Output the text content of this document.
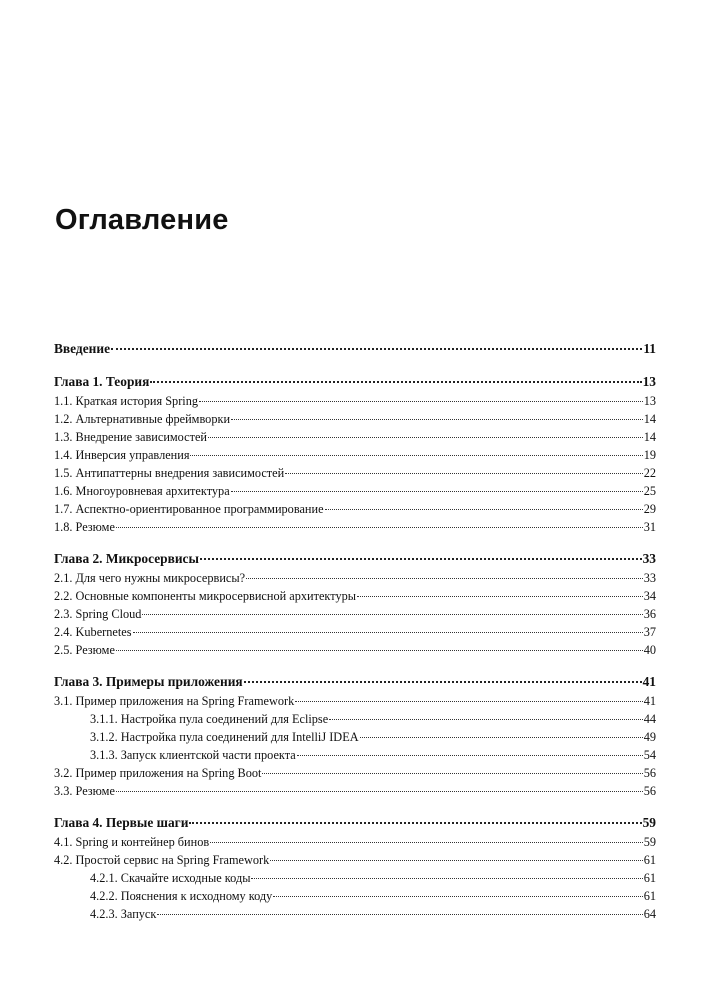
Оглавление
Введение	11
Глава 1. Теория	13
1.1. Краткая история Spring	13
1.2. Альтернативные фреймворки	14
1.3. Внедрение зависимостей	14
1.4. Инверсия управления	19
1.5. Антипаттерны внедрения зависимостей	22
1.6. Многоуровневая архитектура	25
1.7. Аспектно-ориентированное программирование	29
1.8. Резюме	31
Глава 2. Микросервисы	33
2.1. Для чего нужны микросервисы?	33
2.2. Основные компоненты микросервисной архитектуры	34
2.3. Spring Cloud	36
2.4. Kubernetes	37
2.5. Резюме	40
Глава 3. Примеры приложения	41
3.1. Пример приложения на Spring Framework	41
3.1.1. Настройка пула соединений для Eclipse	44
3.1.2. Настройка пула соединений для IntelliJ IDEA	49
3.1.3. Запуск клиентской части проекта	54
3.2. Пример приложения на Spring Boot	56
3.3. Резюме	56
Глава 4. Первые шаги	59
4.1. Spring и контейнер бинов	59
4.2. Простой сервис на Spring Framework	61
4.2.1. Скачайте исходные коды	61
4.2.2. Пояснения к исходному коду	61
4.2.3. Запуск	64
